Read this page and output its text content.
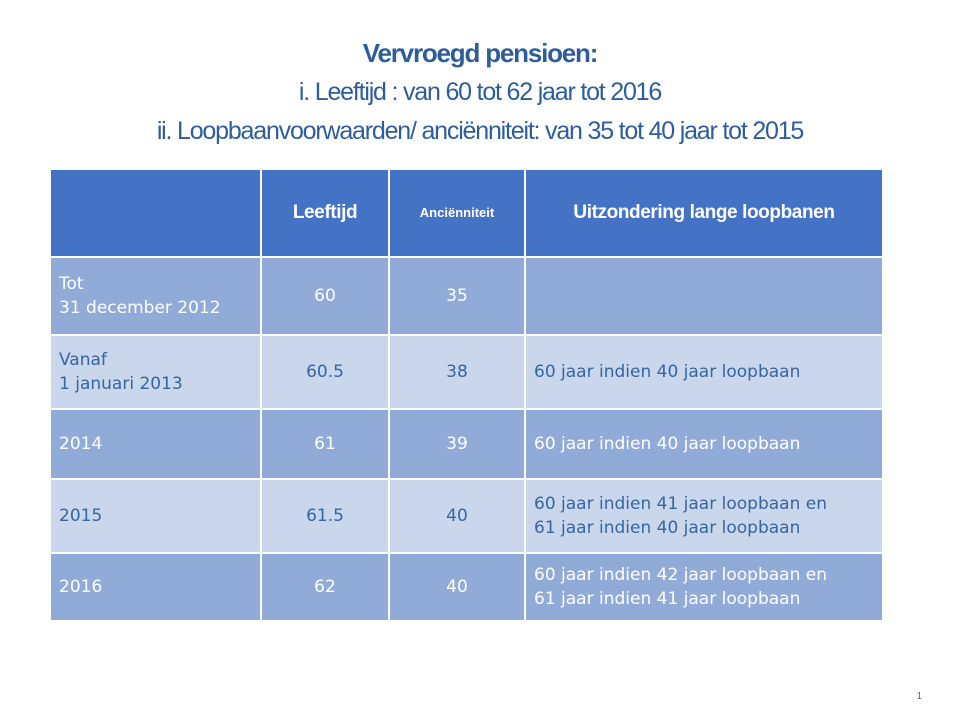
Vervroegd pensioen:
i. Leeftijd : van 60 tot 62 jaar tot 2016
ii. Loopbaanvoorwaarden/ anciënniteit: van 35 tot 40 jaar tot 2015
	Leeftijd	Anciënniteit	Uitzondering lange loopbanen

Tot
31 december 2012	60	35	

Vanaf
1 januari 2013	60.5	38	60 jaar indien 40 jaar loopbaan

2014	61	39	60 jaar indien 40 jaar loopbaan

2015	61.5	40	60 jaar indien 41 jaar loopbaan en
61 jaar indien 40 jaar loopbaan

2016	62	40	60 jaar indien 42 jaar loopbaan en
61 jaar indien 41 jaar loopbaan
1
